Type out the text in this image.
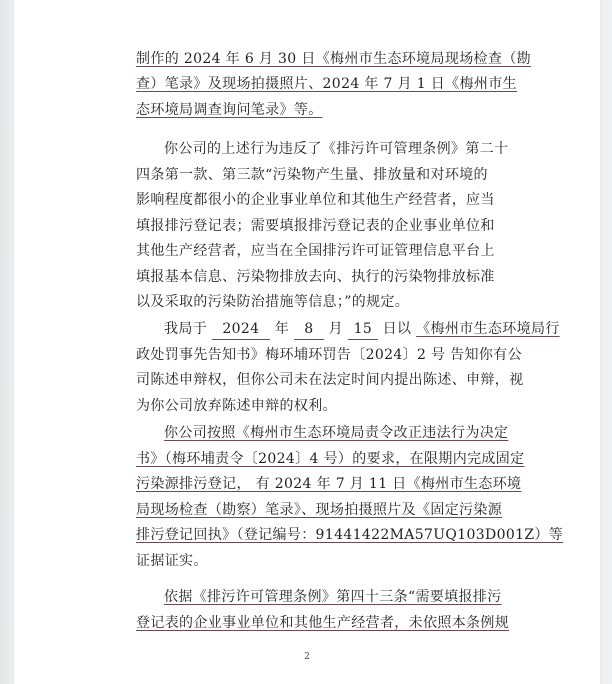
制作的 2024 年 6 月 30 日《梅州市生态环境局现场检查（勘
查）笔录》及现场拍摄照片、2024 年 7 月 1 日《梅州市生
态环境局调查询问笔录》等。
你公司的上述行为违反了《排污许可管理条例》第二十
四条第一款、第三款“污染物产生量、排放量和对环境的
影响程度都很小的企业事业单位和其他生产经营者，应当
填报排污登记表；需要填报排污登记表的企业事业单位和
其他生产经营者，应当在全国排污许可证管理信息平台上
填报基本信息、污染物排放去向、执行的污染物排放标准
以及采取的污染防治措施等信息；”的规定。
我局于 2024 年 8 月 15 日以 《梅州市生态环境局行
政处罚事先告知书》梅环埔环罚告〔2024〕2 号 告知你有公
司陈述申辩权，但你公司未在法定时间内提出陈述、申辩，视
为你公司放弃陈述申辩的权利。
你公司按照《梅州市生态环境局责令改正违法行为决定
书》（梅环埔责令〔2024〕4 号）的要求，在限期内完成固定
污染源排污登记， 有 2024 年 7 月 11 日《梅州市生态环境
局现场检查（勘察）笔录》、现场拍摄照片及《固定污染源
排污登记回执》（登记编号：91441422MA57UQ103D001Z）等
证据证实。
依据《排污许可管理条例》第四十三条“需要填报排污
登记表的企业事业单位和其他生产经营者，未依照本条例规
2
